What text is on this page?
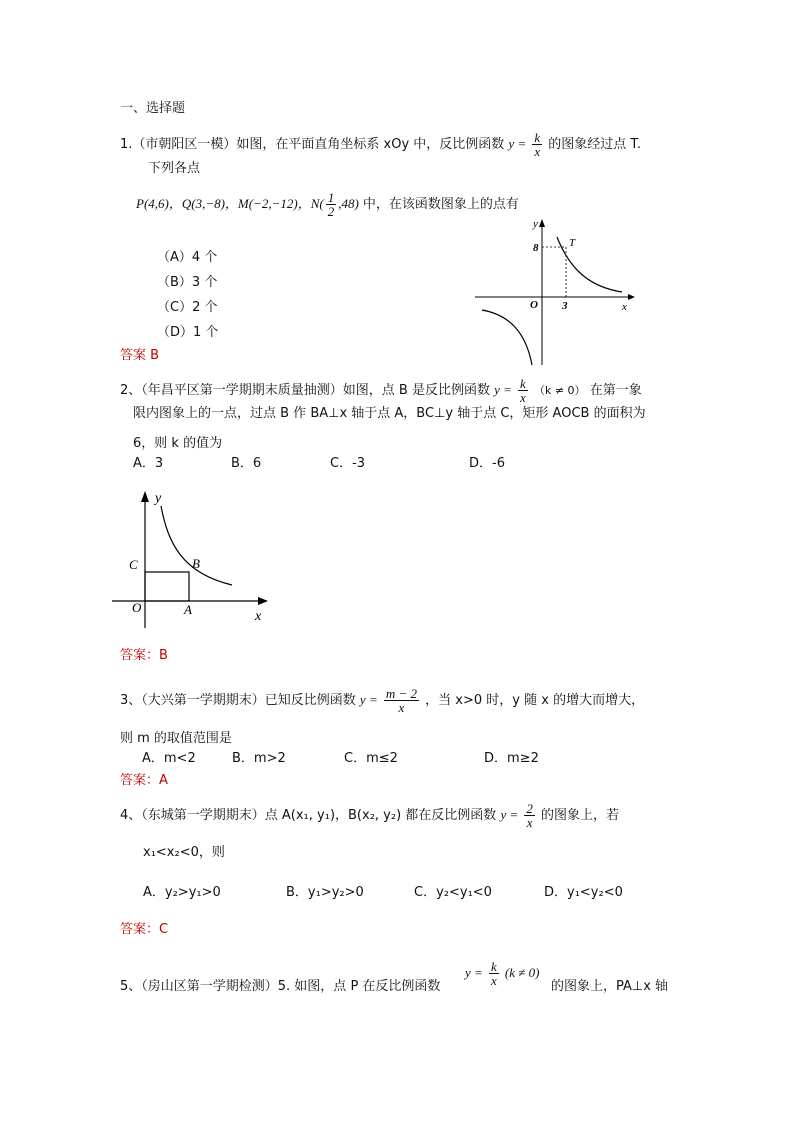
一、选择题
1.（市朝阳区一模）如图，在平面直角坐标系 xOy 中，反比例函数 $y = \frac{k}{x}$ 的图象经过点 T.
下列各点
P(4,6)，Q(3,−8)，M(−2,−12)，$N( \frac{1}{2} ,48)$ 中，在该函数图象上的点有
（A）4 个
（B）3 个
（C）2 个
（D）1 个
答案 B
y
x
O
8
3
T
2、（年昌平区第一学期期末质量抽测）如图，点 B 是反比例函数 $y = \frac{k}{x} (k \ne 0)$ 在第一象
限内图象上的一点，过点 B 作 BA⊥x 轴于点 A，BC⊥y 轴于点 C，矩形 AOCB 的面积为
6，则 k 的值为
A．3	B．6	C．-3	D．-6
y
x
O
C	B
A
答案：B
3、（大兴第一学期期末）已知反比例函数 $y = \frac{m - 2}{x}$ ，当 x>0 时，y 随 x 的增大而增大，
则 m 的取值范围是
A．m<2	B．m>2	C．m≤2	D．m≥2
答案：A
4、（东城第一学期期末）点 A(x₁, y₁)，B(x₂, y₂) 都在反比例函数 $y = \frac{2}{x}$ 的图象上，若
x₁<x₂<0，则
A．y₂>y₁>0	B．y₁>y₂>0	C．y₂<y₁<0	D．y₁<y₂<0
答案：C
$y = \frac{k}{x} (k \ne 0)$
5、（房山区第一学期检测）5. 如图，点 P 在反比例函数	的图象上，PA⊥x 轴
